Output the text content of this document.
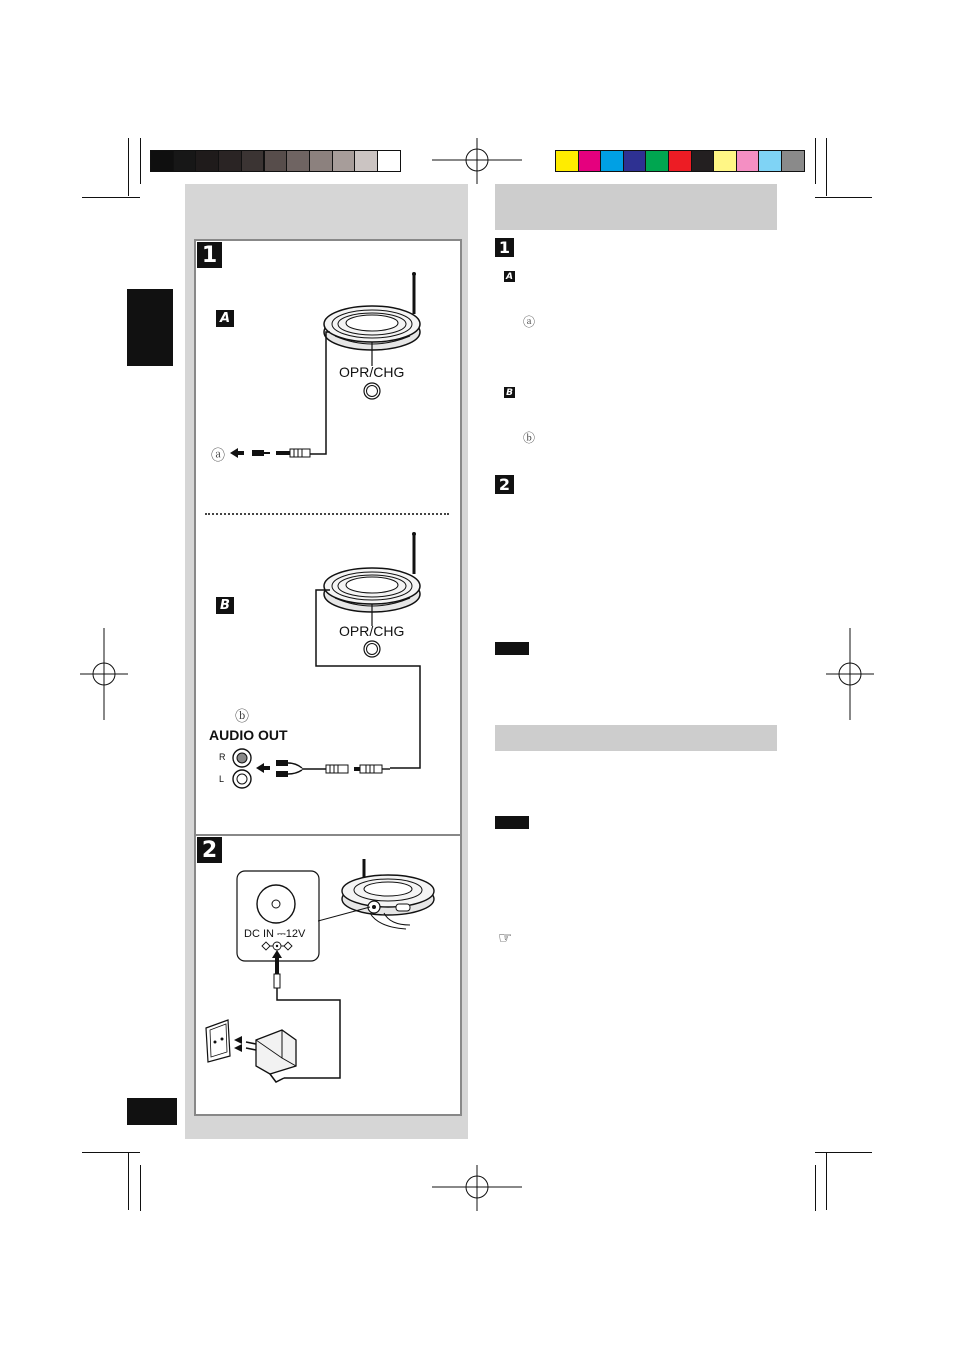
1
A
OPR/CHG
ⓐ
B
OPR/CHG
ⓑ
AUDIO OUT
R
L
2
DC IN ⎓12V
1
A
ⓐ
B
ⓑ
2
☞
